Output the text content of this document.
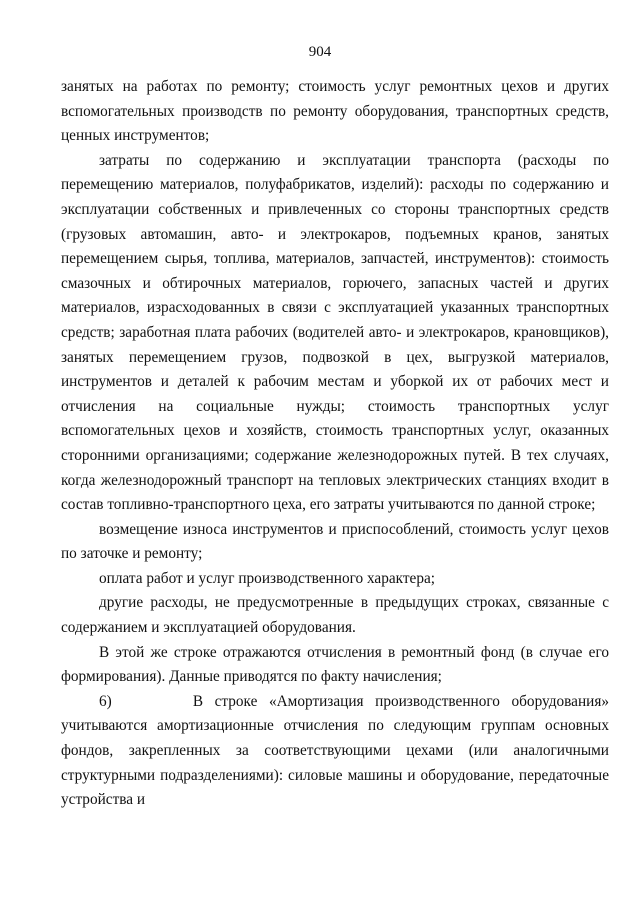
904

занятых на работах по ремонту; стоимость услуг ремонтных цехов и других вспомогательных производств по ремонту оборудования, транспортных средств, ценных инструментов;

затраты по содержанию и эксплуатации транспорта (расходы по перемещению материалов, полуфабрикатов, изделий): расходы по содержанию и эксплуатации собственных и привлеченных со стороны транспортных средств (грузовых автомашин, авто- и электрокаров, подъемных кранов, занятых перемещением сырья, топлива, материалов, запчастей, инструментов): стоимость смазочных и обтирочных материалов, горючего, запасных частей и других материалов, израсходованных в связи с эксплуатацией указанных транспортных средств; заработная плата рабочих (водителей авто- и электрокаров, крановщиков), занятых перемещением грузов, подвозкой в цех, выгрузкой материалов, инструментов и деталей к рабочим местам и уборкой их от рабочих мест и отчисления на социальные нужды; стоимость транспортных услуг вспомогательных цехов и хозяйств, стоимость транспортных услуг, оказанных сторонними организациями; содержание железнодорожных путей. В тех случаях, когда железнодорожный транспорт на тепловых электрических станциях входит в состав топливно-транспортного цеха, его затраты учитываются по данной строке;

возмещение износа инструментов и приспособлений, стоимость услуг цехов по заточке и ремонту;

оплата работ и услуг производственного характера;

другие расходы, не предусмотренные в предыдущих строках, связанные с содержанием и эксплуатацией оборудования.

В этой же строке отражаются отчисления в ремонтный фонд (в случае его формирования). Данные приводятся по факту начисления;

6)	В строке «Амортизация производственного оборудования» учитываются амортизационные отчисления по следующим группам основных фондов, закрепленных за соответствующими цехами (или аналогичными структурными подразделениями): силовые машины и оборудование, передаточные устройства и
